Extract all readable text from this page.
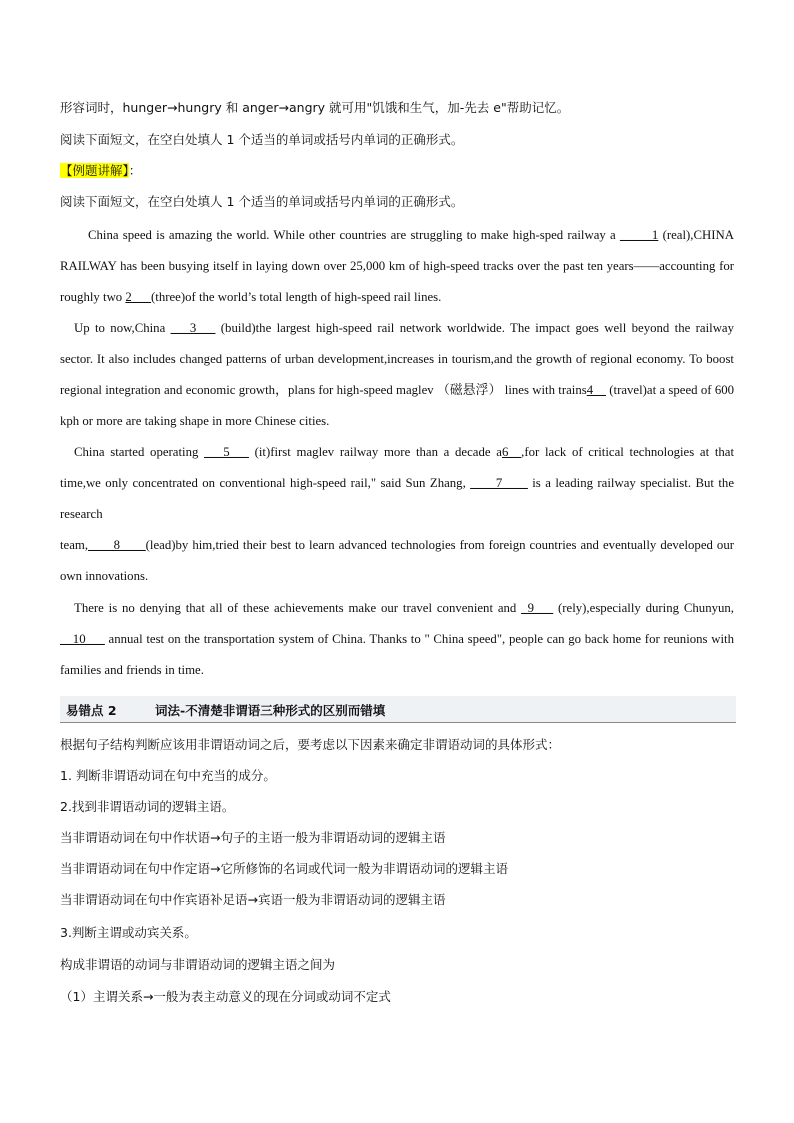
形容词时，hunger→hungry 和 anger→angry 就可用"饥饿和生气，加-先去 e"帮助记忆。
阅读下面短文，在空白处填人 1 个适当的单词或括号内单词的正确形式。
【例题讲解】：
阅读下面短文，在空白处填人 1 个适当的单词或括号内单词的正确形式。
China speed is amazing the world. While other countries are struggling to make high-sped railway a _____1 (real),CHINA RAILWAY has been busying itself in laying down over 25,000 km of high-speed tracks over the past ten years——accounting for roughly two 2___(three)of the world’s total length of high-speed rail lines.
Up to now,China ___3___ (build)the largest high-speed rail network worldwide. The impact goes well beyond the railway sector. It also includes changed patterns of urban development,increases in tourism,and the growth of regional economy. To boost regional integration and economic growth，plans for high-speed maglev （磁悬浮） lines with trains4__ (travel)at a speed of 600 kph or more are taking shape in more Chinese cities.
China started operating ___5___ (it)first maglev railway more than a decade a6__,for lack of critical technologies at that time,we only concentrated on conventional high-speed rail," said Sun Zhang, ____7____ is a leading railway specialist. But the research
team,____8____(lead)by him,tried their best to learn advanced technologies from foreign countries and eventually developed our own innovations.
There is no denying that all of these achievements make our travel convenient and _9___ (rely),especially during Chunyun, __10___ annual test on the transportation system of China. Thanks to " China speed", people can go back home for reunions with families and friends in time.
易错点 2	词法-不清楚非谓语三种形式的区别而错填
根据句子结构判断应该用非谓语动词之后，要考虑以下因素来确定非谓语动词的具体形式：
1. 判断非谓语动词在句中充当的成分。
2.找到非谓语动词的逻辑主语。
当非谓语动词在句中作状语→句子的主语一般为非谓语动词的逻辑主语
当非谓语动词在句中作定语→它所修饰的名词或代词一般为非谓语动词的逻辑主语
当非谓语动词在句中作宾语补足语→宾语一般为非谓语动词的逻辑主语
3.判断主谓或动宾关系。
构成非谓语的动词与非谓语动词的逻辑主语之间为
（1）主谓关系→一般为表主动意义的现在分词或动词不定式
